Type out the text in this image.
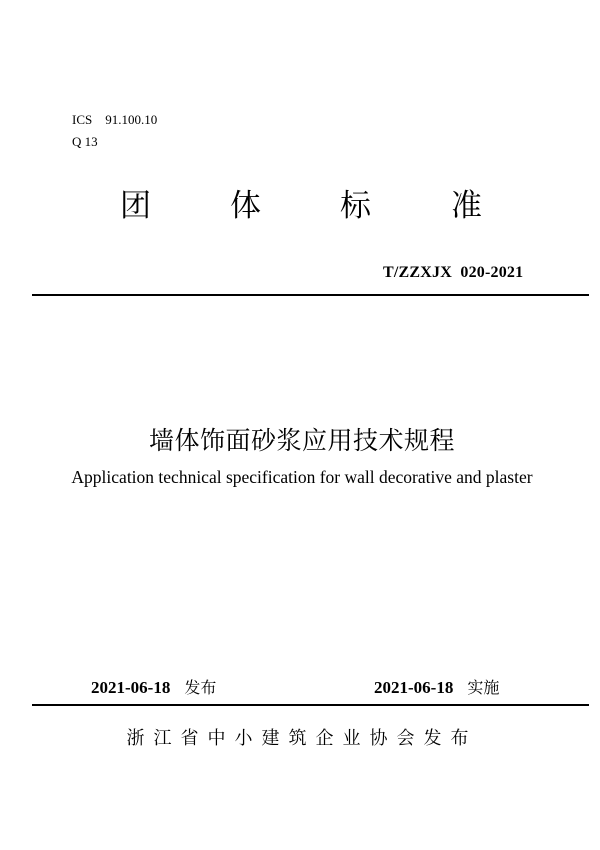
ICS 91.100.10
Q 13
团	体	标	准
T/ZZXJX  020-2021
墙体饰面砂浆应用技术规程
Application technical specification for wall decorative and plaster
2021-06-18 发布	2021-06-18 实施
浙江省中小建筑企业协会发布
